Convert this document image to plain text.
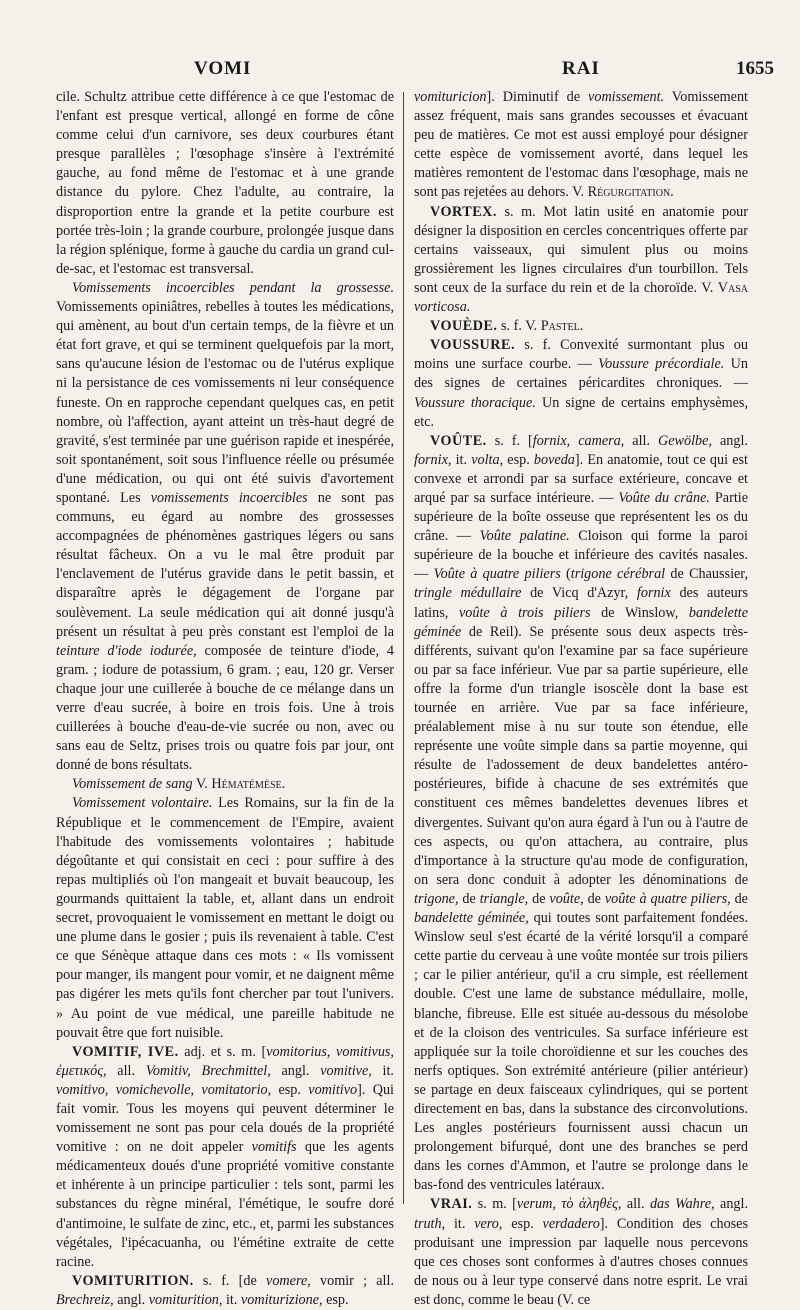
VOMI	RAI	1655

cile. Schultz attribue cette différence à ce que l'estomac de l'enfant est presque vertical, allongé en forme de cône comme celui d'un carnivore, ses deux courbures étant presque parallèles ; l'œsophage s'insère à l'extrémité gauche, au fond même de l'estomac et à une grande distance du pylore. Chez l'adulte, au contraire, la disproportion entre la grande et la petite courbure est portée très-loin ; la grande courbure, prolongée jusque dans la région splénique, forme à gauche du cardia un grand cul-de-sac, et l'estomac est transversal.

Vomissements incoercibles pendant la grossesse. Vomissements opiniâtres, rebelles à toutes les médications, qui amènent, au bout d'un certain temps, de la fièvre et un état fort grave, et qui se terminent quelquefois par la mort, sans qu'aucune lésion de l'estomac ou de l'utérus explique ni la persistance de ces vomissements ni leur conséquence funeste. On en rapproche cependant quelques cas, en petit nombre, où l'affection, ayant atteint un très-haut degré de gravité, s'est terminée par une guérison rapide et inespérée, soit spontanément, soit sous l'influence réelle ou présumée d'une médication, ou qui ont été suivis d'avortement spontané. Les vomissements incoercibles ne sont pas communs, eu égard au nombre des grossesses accompagnées de phénomènes gastriques légers ou sans résultat fâcheux. On a vu le mal être produit par l'enclavement de l'utérus gravide dans le petit bassin, et disparaître après le dégagement de l'organe par soulèvement. La seule médication qui ait donné jusqu'à présent un résultat à peu près constant est l'emploi de la teinture d'iode iodurée, composée de teinture d'iode, 4 gram. ; iodure de potassium, 6 gram. ; eau, 120 gr. Verser chaque jour une cuillerée à bouche de ce mélange dans un verre d'eau sucrée, à boire en trois fois. Une à trois cuillerées à bouche d'eau-de-vie sucrée ou non, avec ou sans eau de Seltz, prises trois ou quatre fois par jour, ont donné de bons résultats.

Vomissement de sang V. Hématémèse.

Vomissement volontaire. Les Romains, sur la fin de la République et le commencement de l'Empire, avaient l'habitude des vomissements volontaires ; habitude dégoûtante et qui consistait en ceci : pour suffire à des repas multipliés où l'on mangeait et buvait beaucoup, les gourmands quittaient la table, et, allant dans un endroit secret, provoquaient le vomissement en mettant le doigt ou une plume dans le gosier ; puis ils revenaient à table. C'est ce que Sénèque attaque dans ces mots : « Ils vomissent pour manger, ils mangent pour vomir, et ne daignent même pas digérer les mets qu'ils font chercher par tout l'univers. » Au point de vue médical, une pareille habitude ne pouvait être que fort nuisible.

VOMITIF, IVE. adj. et s. m. [vomitorius, vomitivus, ἐμετικός, all. Vomitiv, Brechmittel, angl. vomitive, it. vomitivo, vomichevolle, vomitatorio, esp. vomitivo]. Qui fait vomir. Tous les moyens qui peuvent déterminer le vomissement ne sont pas pour cela doués de la propriété vomitive : on ne doit appeler vomitifs que les agents médicamenteux doués d'une propriété vomitive constante et inhérente à un principe particulier : tels sont, parmi les substances du règne minéral, l'émétique, le soufre doré d'antimoine, le sulfate de zinc, etc., et, parmi les substances végétales, l'ipécacuanha, ou l'émétine extraite de cette racine.

VOMITURITION. s. f. [de vomere, vomir ; all. Brechreiz, angl. vomiturition, it. vomiturizione, esp.

vomituricion]. Diminutif de vomissement. Vomissement assez fréquent, mais sans grandes secousses et évacuant peu de matières. Ce mot est aussi employé pour désigner cette espèce de vomissement avorté, dans lequel les matières remontent de l'estomac dans l'œsophage, mais ne sont pas rejetées au dehors. V. Régurgitation.

VORTEX. s. m. Mot latin usité en anatomie pour désigner la disposition en cercles concentriques offerte par certains vaisseaux, qui simulent plus ou moins grossièrement les lignes circulaires d'un tourbillon. Tels sont ceux de la surface du rein et de la choroïde. V. Vasa vorticosa.

VOUÈDE. s. f. V. Pastel.

VOUSSURE. s. f. Convexité surmontant plus ou moins une surface courbe. — Voussure précordiale. Un des signes de certaines péricardites chroniques. — Voussure thoracique. Un signe de certains emphysèmes, etc.

VOÛTE. s. f. [fornix, camera, all. Gewölbe, angl. fornix, it. volta, esp. boveda]. En anatomie, tout ce qui est convexe et arrondi par sa surface extérieure, concave et arqué par sa surface intérieure. — Voûte du crâne. Partie supérieure de la boîte osseuse que représentent les os du crâne. — Voûte palatine. Cloison qui forme la paroi supérieure de la bouche et inférieure des cavités nasales. — Voûte à quatre piliers (trigone cérébral de Chaussier, tringle médullaire de Vicq d'Azyr, fornix des auteurs latins, voûte à trois piliers de Winslow, bandelette géminée de Reil). Se présente sous deux aspects très-différents, suivant qu'on l'examine par sa face supérieure ou par sa face inférieur. Vue par sa partie supérieure, elle offre la forme d'un triangle isoscèle dont la base est tournée en arrière. Vue par sa face inférieure, préalablement mise à nu sur toute son étendue, elle représente une voûte simple dans sa partie moyenne, qui résulte de l'adossement de deux bandelettes antéro-postérieures, bifide à chacune de ses extrémités que constituent ces mêmes bandelettes devenues libres et divergentes. Suivant qu'on aura égard à l'un ou à l'autre de ces aspects, ou qu'on attachera, au contraire, plus d'importance à la structure qu'au mode de configuration, on sera donc conduit à adopter les dénominations de trigone, de triangle, de voûte, de voûte à quatre piliers, de bandelette géminée, qui toutes sont parfaitement fondées. Winslow seul s'est écarté de la vérité lorsqu'il a comparé cette partie du cerveau à une voûte montée sur trois piliers ; car le pilier antérieur, qu'il a cru simple, est réellement double. C'est une lame de substance médullaire, molle, blanche, fibreuse. Elle est située au-dessous du mésolobe et de la cloison des ventricules. Sa surface inférieure est appliquée sur la toile choroïdienne et sur les couches des nerfs optiques. Son extrémité antérieure (pilier antérieur) se partage en deux faisceaux cylindriques, qui se portent directement en bas, dans la substance des circonvolutions. Les angles postérieurs fournissent aussi chacun un prolongement bifurqué, dont une des branches se perd dans les cornes d'Ammon, et l'autre se prolonge dans le bas-fond des ventricules latéraux.

VRAI. s. m. [verum, τὸ ἀληθές, all. das Wahre, angl. truth, it. vero, esp. verdadero]. Condition des choses produisant une impression par laquelle nous percevons que ces choses sont conformes à d'autres choses connues de nous ou à leur type conservé dans notre esprit. Le vrai est donc, comme le beau (V. ce
